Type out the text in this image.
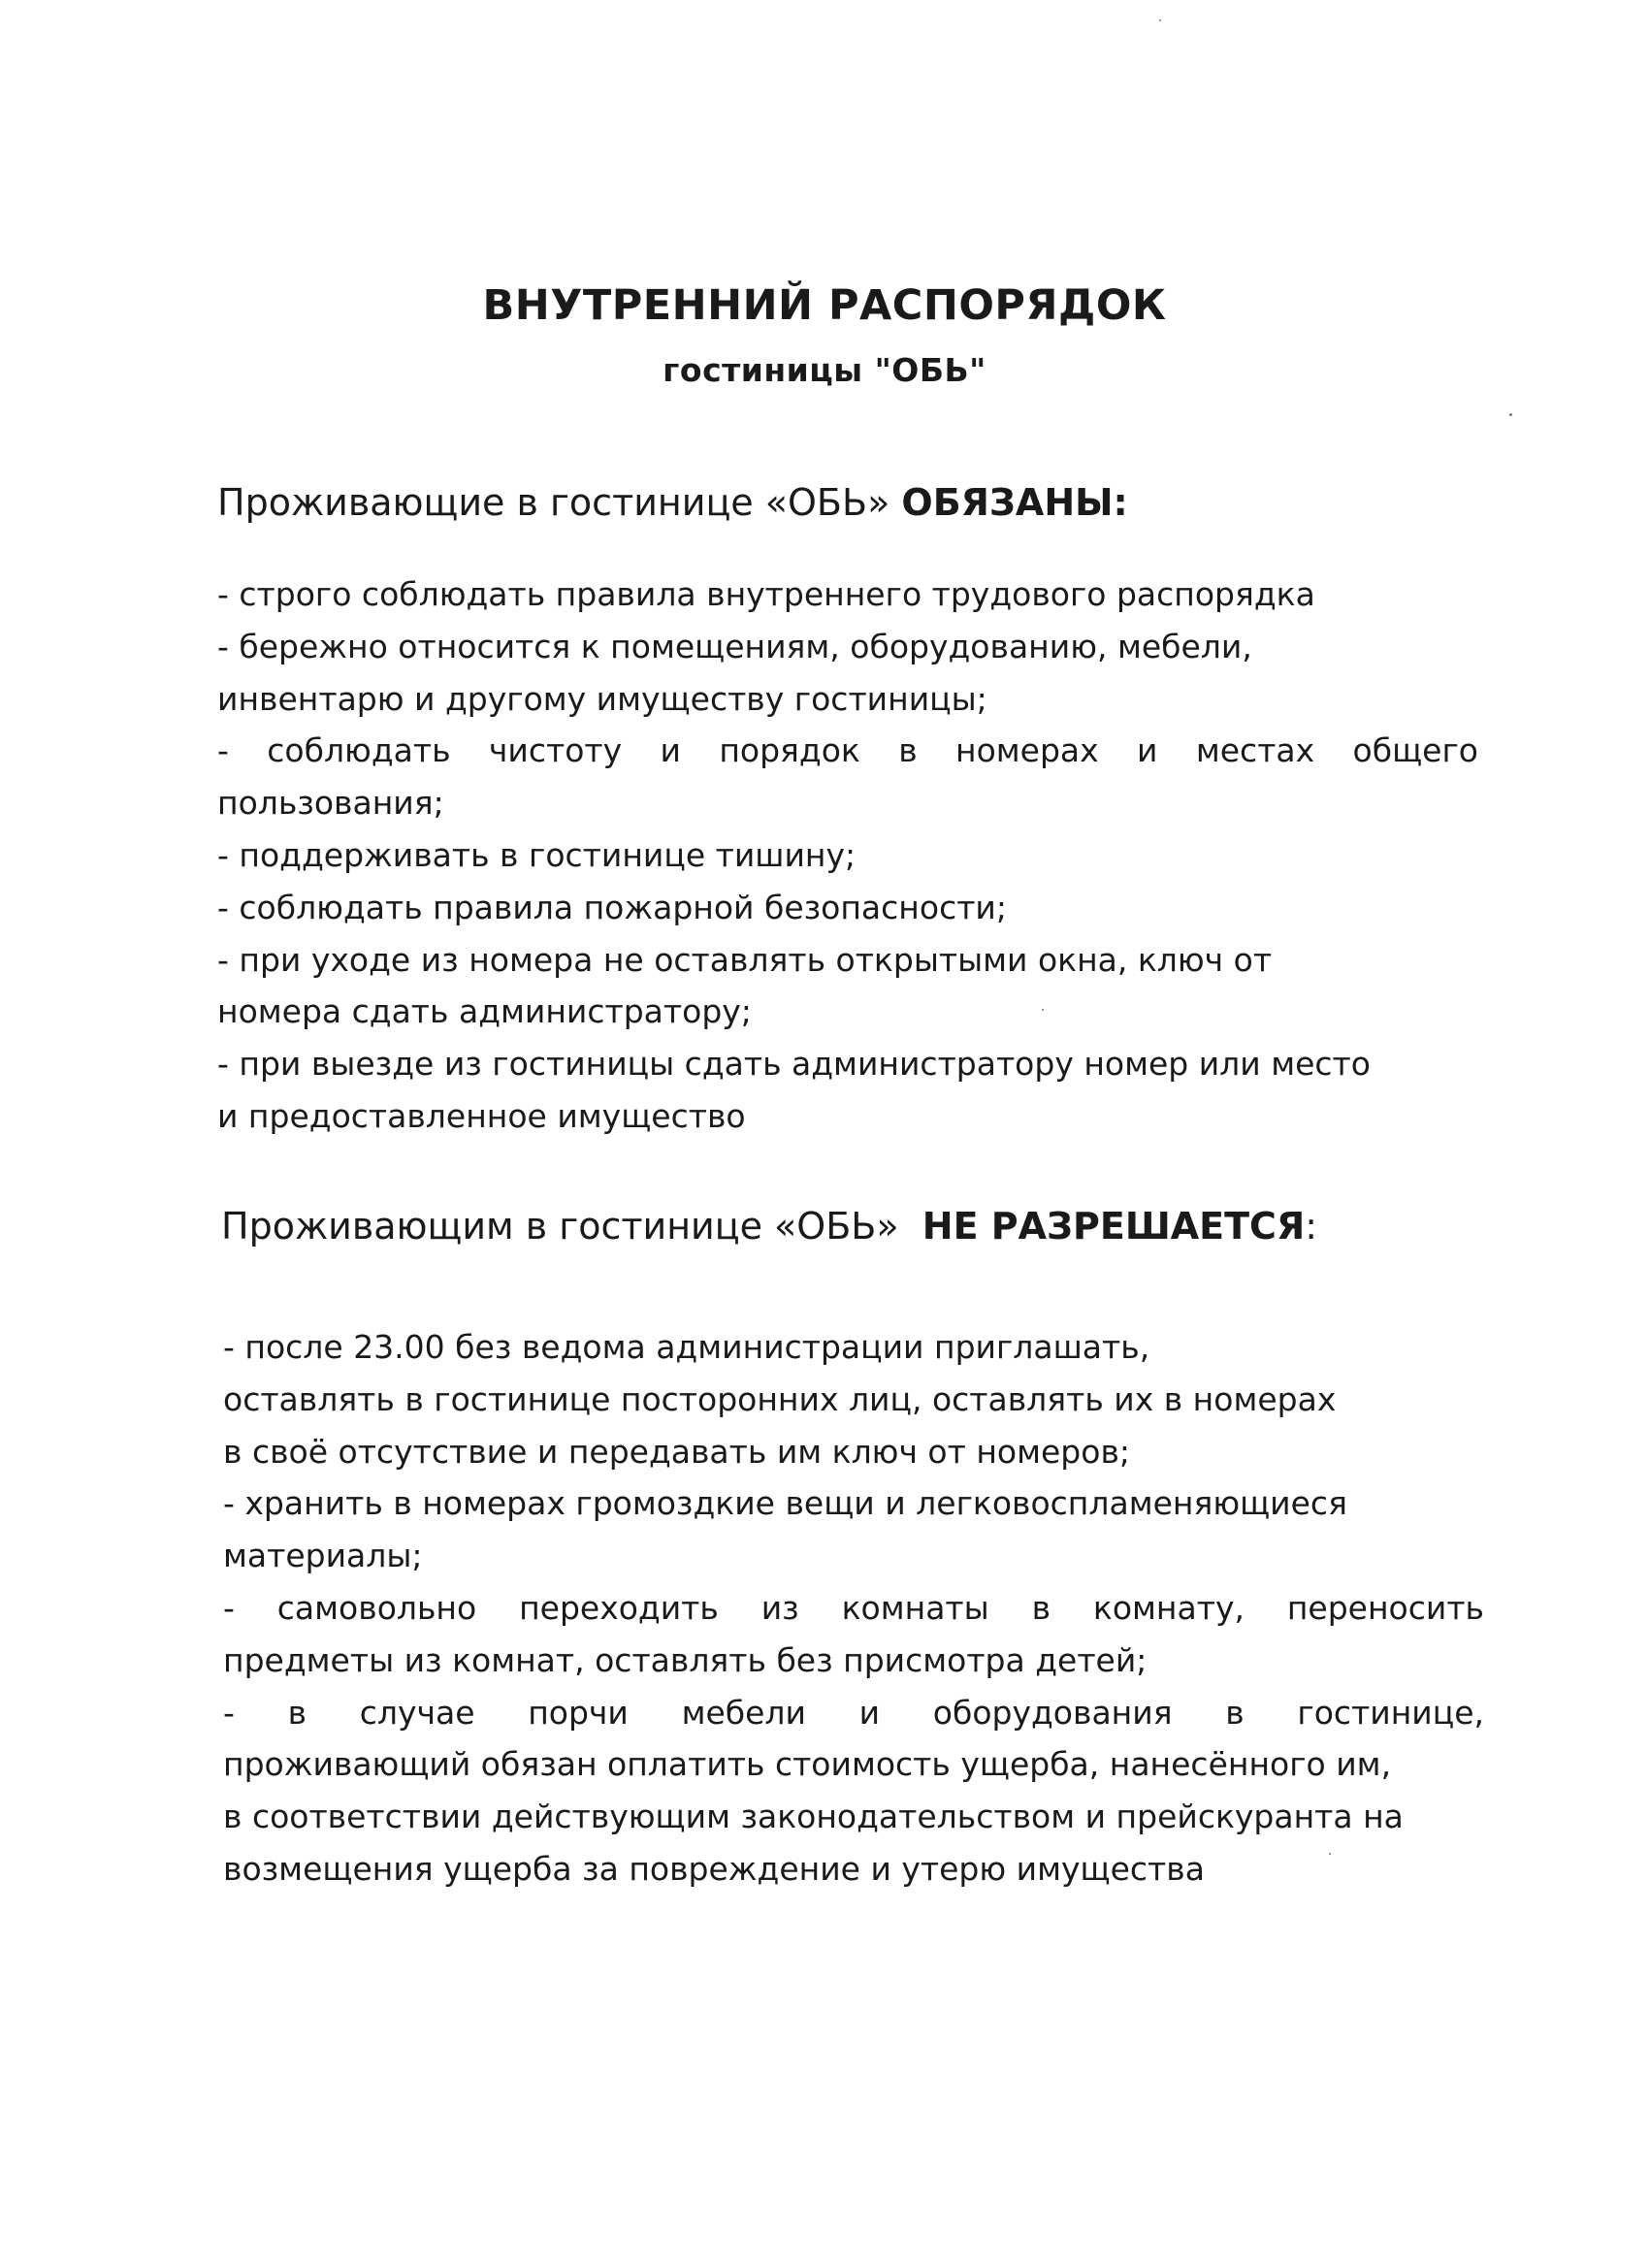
ВНУТРЕННИЙ РАСПОРЯДОК
гостиницы "ОБЬ"
Проживающие в гостинице «ОБЬ» ОБЯЗАНЫ:
- строго соблюдать правила внутреннего трудового распорядка
- бережно относится к помещениям, оборудованию, мебели,
инвентарю и другому имуществу гостиницы;
- соблюдать чистоту и порядок в номерах и местах общего
пользования;
- поддерживать в гостинице тишину;
- соблюдать правила пожарной безопасности;
- при уходе из номера не оставлять открытыми окна, ключ от
номера сдать администратору;
- при выезде из гостиницы сдать администратору номер или место
и предоставленное имущество
Проживающим в гостинице «ОБЬ»  НЕ РАЗРЕШАЕТСЯ:
- после 23.00 без ведома администрации приглашать,
оставлять в гостинице посторонних лиц, оставлять их в номерах
в своё отсутствие и передавать им ключ от номеров;
- хранить в номерах громоздкие вещи и легковоспламеняющиеся
материалы;
- самовольно переходить из комнаты в комнату, переносить
предметы из комнат, оставлять без присмотра детей;
- в случае порчи мебели и оборудования в гостинице,
проживающий обязан оплатить стоимость ущерба, нанесённого им,
в соответствии действующим законодательством и прейскуранта на
возмещения ущерба за повреждение и утерю имущества
